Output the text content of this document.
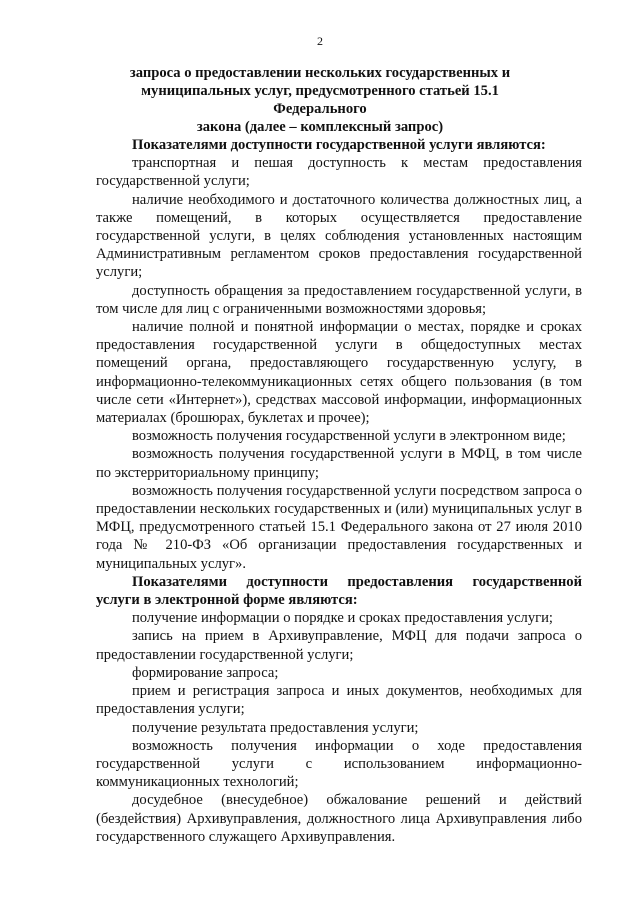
2
запроса о предоставлении нескольких государственных и
муниципальных услуг, предусмотренного статьей 15.1 Федерального
закона (далее – комплексный запрос)

Показателями доступности государственной услуги являются:

транспортная и пешая доступность к местам предоставления государственной услуги;

наличие необходимого и достаточного количества должностных лиц, а также помещений, в которых осуществляется предоставление государственной услуги, в целях соблюдения установленных настоящим Административным регламентом сроков предоставления государственной услуги;

доступность обращения за предоставлением государственной услуги, в том числе для лиц с ограниченными возможностями здоровья;

наличие полной и понятной информации о местах, порядке и сроках предоставления государственной услуги в общедоступных местах помещений органа, предоставляющего государственную услугу, в информационно-телекоммуникационных сетях общего пользования (в том числе сети «Интернет»), средствах массовой информации, информационных материалах (брошюрах, буклетах и прочее);

возможность получения государственной услуги в электронном виде;

возможность получения государственной услуги в МФЦ, в том числе по экстерриториальному принципу;

возможность получения государственной услуги посредством запроса о предоставлении нескольких государственных и (или) муниципальных услуг в МФЦ, предусмотренного статьей 15.1 Федерального закона от 27 июля 2010 года № 210-ФЗ «Об организации предоставления государственных и муниципальных услуг».

Показателями доступности предоставления государственной услуги в электронной форме являются:

получение информации о порядке и сроках предоставления услуги;

запись на прием в Архивуправление, МФЦ для подачи запроса о предоставлении государственной услуги;

формирование запроса;

прием и регистрация запроса и иных документов, необходимых для предоставления услуги;

получение результата предоставления услуги;

возможность получения информации о ходе предоставления государственной услуги с использованием информационно-коммуникационных технологий;

досудебное (внесудебное) обжалование решений и действий (бездействия) Архивуправления, должностного лица Архивуправления либо государственного служащего Архивуправления.
